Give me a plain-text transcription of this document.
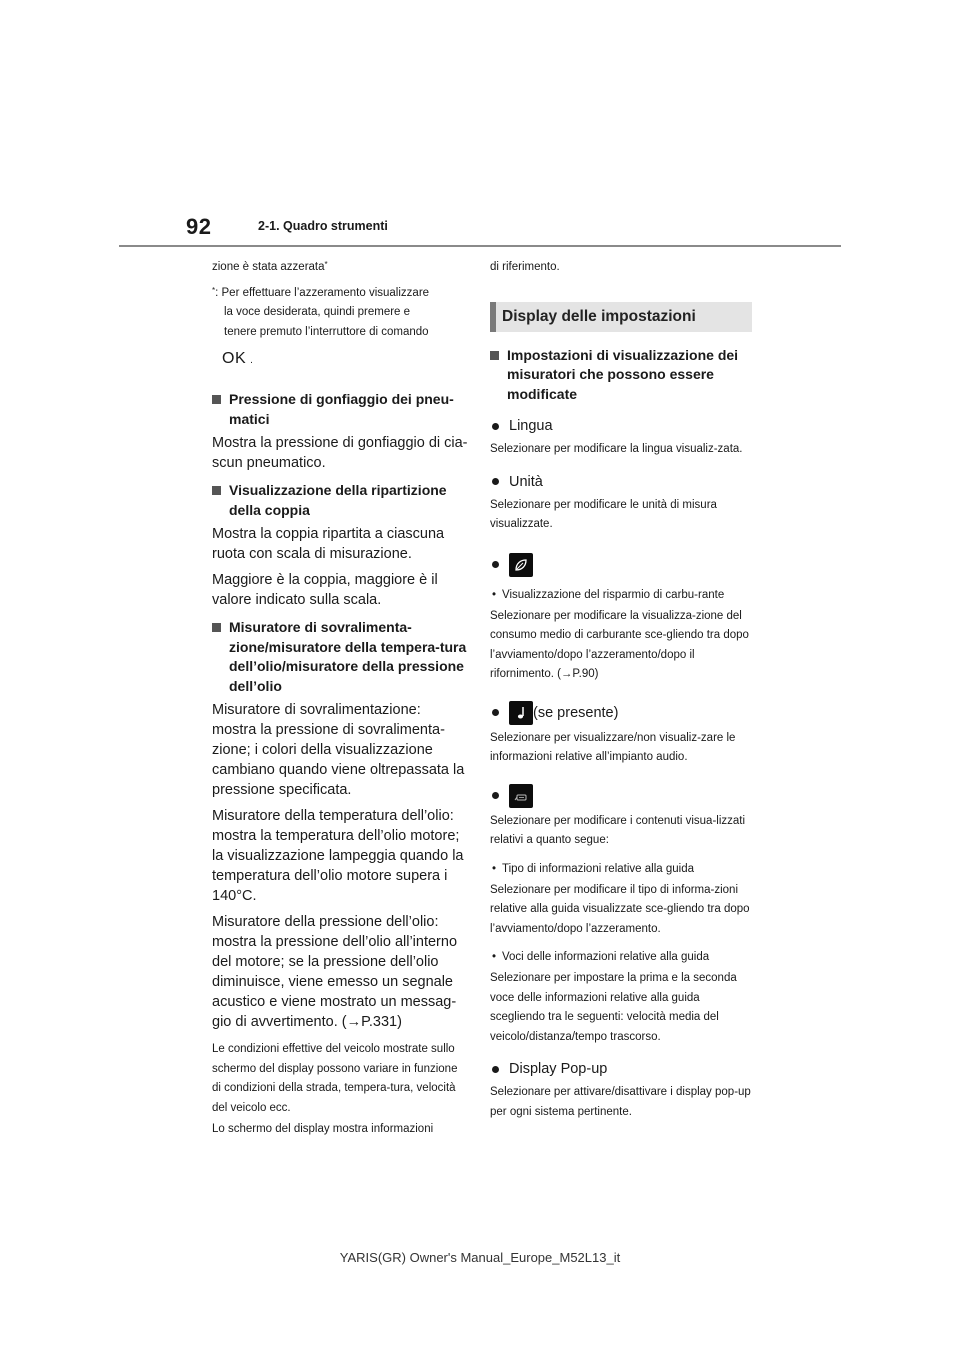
92	2-1. Quadro strumenti

zione è stata azzerata*

*: Per effettuare l’azzeramento visualizzare
la voce desiderata, quindi premere e
tenere premuto l’interruttore di comando

OK .
Pressione di gonfiaggio dei pneu-matici

Mostra la pressione di gonfiaggio di cia-scun pneumatico.

Visualizzazione della ripartizione della coppia

Mostra la coppia ripartita a ciascuna ruota con scala di misurazione.

Maggiore è la coppia, maggiore è il valore indicato sulla scala.

Misuratore di sovralimenta-zione/misuratore della tempera-tura dell’olio/misuratore della pressione dell’olio

Misuratore di sovralimentazione: mostra la pressione di sovralimenta-zione; i colori della visualizzazione cambiano quando viene oltrepassata la pressione specificata.

Misuratore della temperatura dell’olio: mostra la temperatura dell’olio motore; la visualizzazione lampeggia quando la temperatura dell’olio motore supera i 140°C.

Misuratore della pressione dell’olio: mostra la pressione dell’olio all’interno del motore; se la pressione dell’olio diminuisce, viene emesso un segnale acustico e viene mostrato un messag-gio di avvertimento. (→P.331)

Le condizioni effettive del veicolo mostrate sullo schermo del display possono variare in funzione di condizioni della strada, tempera-tura, velocità del veicolo ecc.

Lo schermo del display mostra informazioni

di riferimento.

Display delle impostazioni
Impostazioni di visualizzazione dei misuratori che possono essere modificate
Lingua

Selezionare per modificare la lingua visualiz-zata.

Unità

Selezionare per modificare le unità di misura visualizzate.

• Visualizzazione del risparmio di carbu-rante

Selezionare per modificare la visualizza-zione del consumo medio di carburante sce-gliendo tra dopo l’avviamento/dopo l’azzeramento/dopo il rifornimento. (→P.90)

(se presente)

Selezionare per visualizzare/non visualiz-zare le informazioni relative all’impianto audio.

Selezionare per modificare i contenuti visua-lizzati relativi a quanto segue:

• Tipo di informazioni relative alla guida

Selezionare per modificare il tipo di informa-zioni relative alla guida visualizzate sce-gliendo tra dopo l’avviamento/dopo l’azzeramento.

• Voci delle informazioni relative alla guida

Selezionare per impostare la prima e la seconda voce delle informazioni relative alla guida scegliendo tra le seguenti: velocità media del veicolo/distanza/tempo trascorso.

Display Pop-up

Selezionare per attivare/disattivare i display pop-up per ogni sistema pertinente.

YARIS(GR) Owner's Manual_Europe_M52L13_it
